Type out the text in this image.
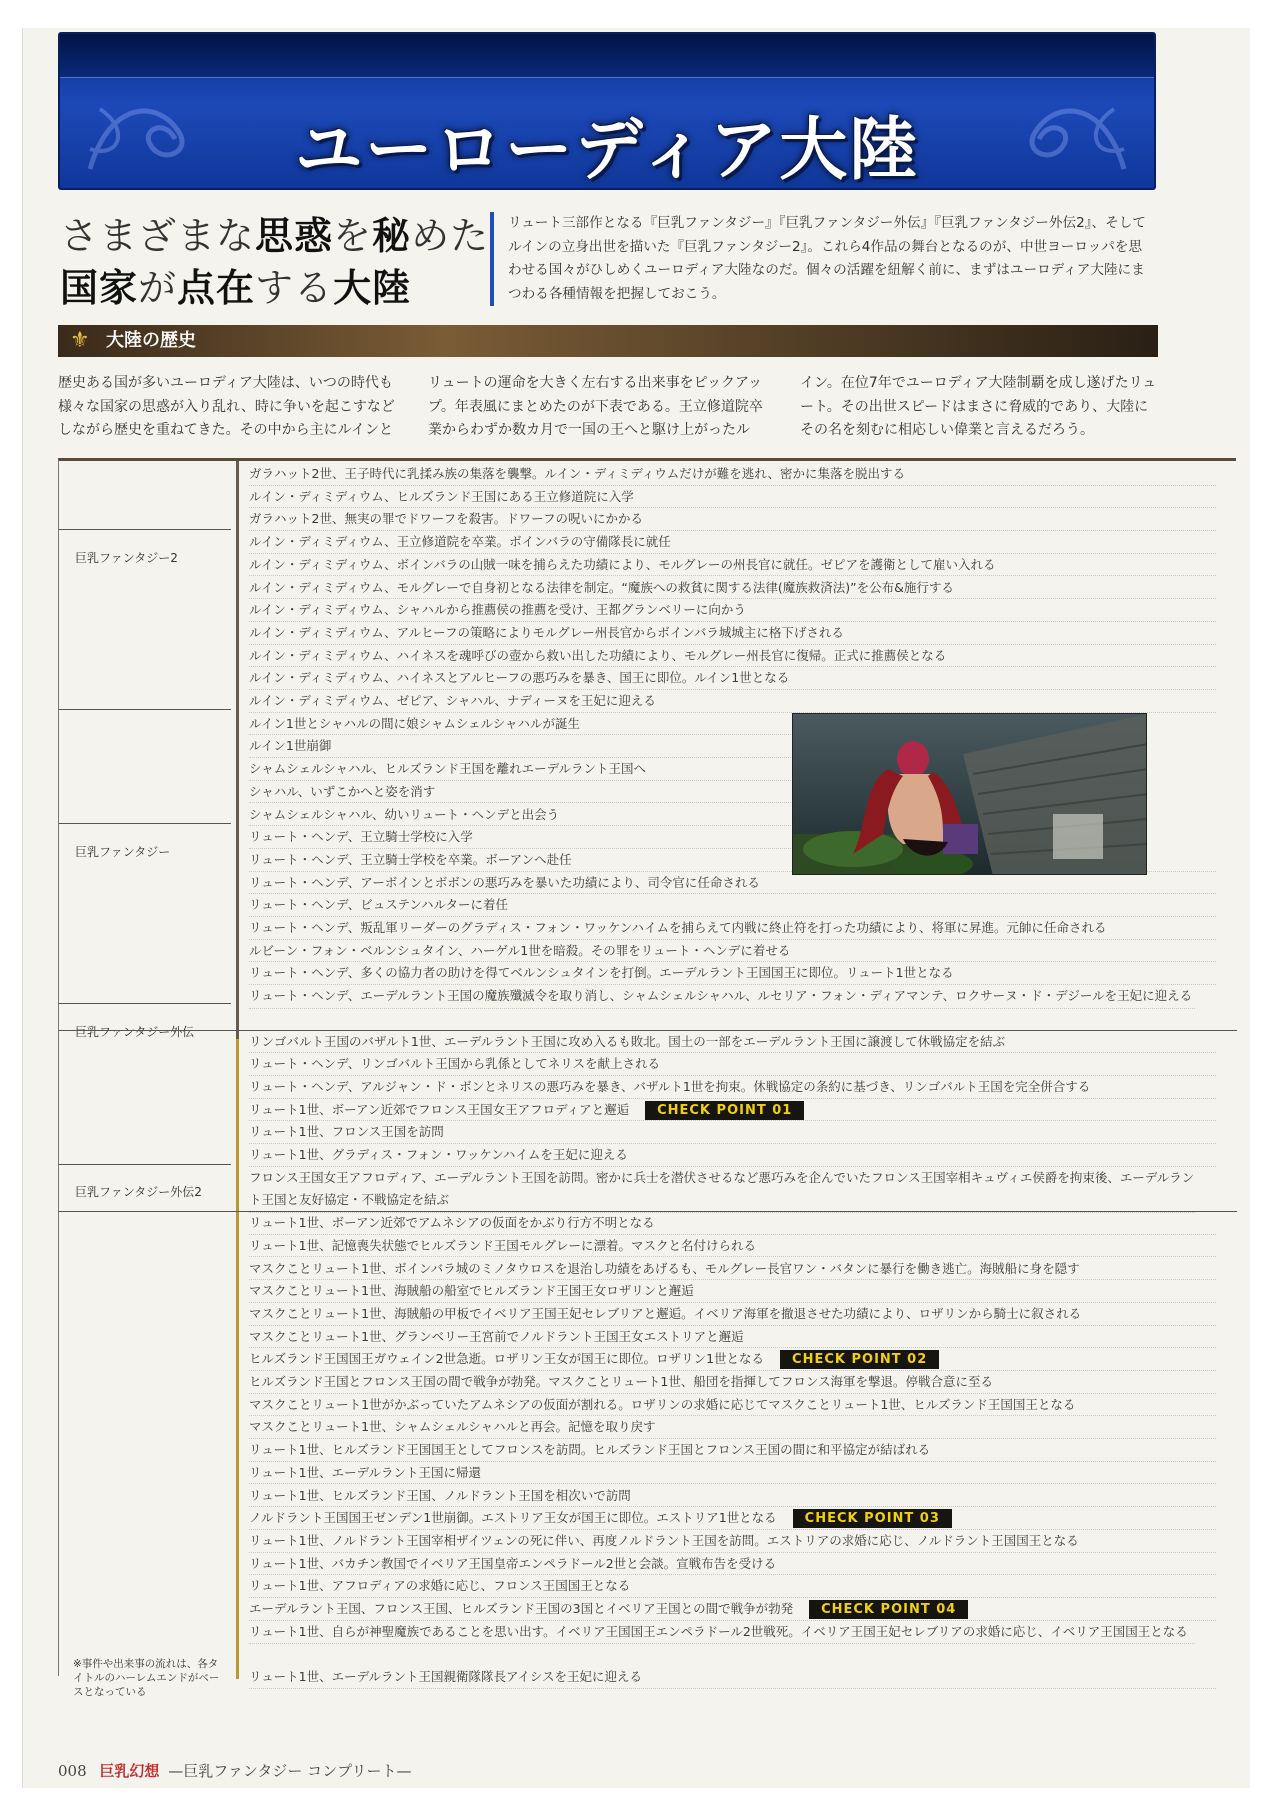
ユーローディア大陸
さまざまな思惑を秘めた
国家が点在する大陸
リュート三部作となる『巨乳ファンタジー』『巨乳ファンタジー外伝』『巨乳ファンタジー外伝2』、そしてルインの立身出世を描いた『巨乳ファンタジー2』。これら4作品の舞台となるのが、中世ヨーロッパを思わせる国々がひしめくユーロディア大陸なのだ。個々の活躍を紐解く前に、まずはユーロディア大陸にまつわる各種情報を把握しておこう。
⚜ 大陸の歴史
歴史ある国が多いユーロディア大陸は、いつの時代も様々な国家の思惑が入り乱れ、時に争いを起こすなどしながら歴史を重ねてきた。その中から主にルインと
リュートの運命を大きく左右する出来事をピックアップ。年表風にまとめたのが下表である。王立修道院卒業からわずか数カ月で一国の王へと駆け上がったル
イン。在位7年でユーロディア大陸制覇を成し遂げたリュート。その出世スピードはまさに脅威的であり、大陸にその名を刻むに相応しい偉業と言えるだろう。
巨乳ファンタジー2
巨乳ファンタジー
巨乳ファンタジー外伝
巨乳ファンタジー外伝2
※事件や出来事の流れは、各タイトルのハーレムエンドがベースとなっている
ガラハット2世、王子時代に乳揉み族の集落を襲撃。ルイン・ディミディウムだけが難を逃れ、密かに集落を脱出する
ルイン・ディミディウム、ヒルズランド王国にある王立修道院に入学
ガラハット2世、無実の罪でドワーフを殺害。ドワーフの呪いにかかる
ルイン・ディミディウム、王立修道院を卒業。ボインバラの守備隊長に就任
ルイン・ディミディウム、ボインバラの山賊一味を捕らえた功績により、モルグレーの州長官に就任。ゼピアを護衛として雇い入れる
ルイン・ディミディウム、モルグレーで自身初となる法律を制定。“魔族への救貧に関する法律(魔族救済法)”を公布&施行する
ルイン・ディミディウム、シャハルから推薦侯の推薦を受け、王都グランベリーに向かう
ルイン・ディミディウム、アルヒーフの策略によりモルグレー州長官からボインバラ城城主に格下げされる
ルイン・ディミディウム、ハイネスを魂呼びの壺から救い出した功績により、モルグレー州長官に復帰。正式に推薦侯となる
ルイン・ディミディウム、ハイネスとアルヒーフの悪巧みを暴き、国王に即位。ルイン1世となる
ルイン・ディミディウム、ゼピア、シャハル、ナディーヌを王妃に迎える
ルイン1世とシャハルの間に娘シャムシェルシャハルが誕生
ルイン1世崩御
シャムシェルシャハル、ヒルズランド王国を離れエーデルラント王国へ
シャハル、いずこかへと姿を消す
シャムシェルシャハル、幼いリュート・ヘンデと出会う
リュート・ヘンデ、王立騎士学校に入学
リュート・ヘンデ、王立騎士学校を卒業。ボーアンへ赴任
リュート・ヘンデ、アーボインとボボンの悪巧みを暴いた功績により、司令官に任命される
リュート・ヘンデ、ビュステンハルターに着任
リュート・ヘンデ、叛乱軍リーダーのグラディス・フォン・ワッケンハイムを捕らえて内戦に終止符を打った功績により、将軍に昇進。元帥に任命される
ルビーン・フォン・ベルンシュタイン、ハーゲル1世を暗殺。その罪をリュート・ヘンデに着せる
リュート・ヘンデ、多くの協力者の助けを得てベルンシュタインを打倒。エーデルラント王国国王に即位。リュート1世となる
リュート・ヘンデ、エーデルラント王国の魔族殲滅令を取り消し、シャムシェルシャハル、ルセリア・フォン・ディアマンテ、ロクサーヌ・ド・デジールを王妃に迎える
リンゴバルト王国のバザルト1世、エーデルラント王国に攻め入るも敗北。国土の一部をエーデルラント王国に譲渡して休戦協定を結ぶ
リュート・ヘンデ、リンゴバルト王国から乳係としてネリスを献上される
リュート・ヘンデ、アルジャン・ド・ボンとネリスの悪巧みを暴き、バザルト1世を拘束。休戦協定の条約に基づき、リンゴバルト王国を完全併合する
リュート1世、ボーアン近郊でフロンス王国女王アフロディアと邂逅 CHECK POINT 01
リュート1世、フロンス王国を訪問
リュート1世、グラディス・フォン・ワッケンハイムを王妃に迎える
フロンス王国女王アフロディア、エーデルラント王国を訪問。密かに兵士を潜伏させるなど悪巧みを企んでいたフロンス王国宰相キュヴィエ侯爵を拘束後、エーデルラント王国と友好協定・不戦協定を結ぶ
リュート1世、ボーアン近郊でアムネシアの仮面をかぶり行方不明となる
リュート1世、記憶喪失状態でヒルズランド王国モルグレーに漂着。マスクと名付けられる
マスクことリュート1世、ボインバラ城のミノタウロスを退治し功績をあげるも、モルグレー長官ワン・バタンに暴行を働き逃亡。海賊船に身を隠す
マスクことリュート1世、海賊船の船室でヒルズランド王国王女ロザリンと邂逅
マスクことリュート1世、海賊船の甲板でイベリア王国王妃セレブリアと邂逅。イベリア海軍を撤退させた功績により、ロザリンから騎士に叙される
マスクことリュート1世、グランベリー王宮前でノルドラント王国王女エストリアと邂逅
ヒルズランド王国国王ガウェイン2世急逝。ロザリン王女が国王に即位。ロザリン1世となる CHECK POINT 02
ヒルズランド王国とフロンス王国の間で戦争が勃発。マスクことリュート1世、船団を指揮してフロンス海軍を撃退。停戦合意に至る
マスクことリュート1世がかぶっていたアムネシアの仮面が割れる。ロザリンの求婚に応じてマスクことリュート1世、ヒルズランド王国国王となる
マスクことリュート1世、シャムシェルシャハルと再会。記憶を取り戻す
リュート1世、ヒルズランド王国国王としてフロンスを訪問。ヒルズランド王国とフロンス王国の間に和平協定が結ばれる
リュート1世、エーデルラント王国に帰還
リュート1世、ヒルズランド王国、ノルドラント王国を相次いで訪問
ノルドラント王国国王ゼンデン1世崩御。エストリア王女が国王に即位。エストリア1世となる CHECK POINT 03
リュート1世、ノルドラント王国宰相ザイツェンの死に伴い、再度ノルドラント王国を訪問。エストリアの求婚に応じ、ノルドラント王国国王となる
リュート1世、バカチン教国でイベリア王国皇帝エンペラドール2世と会談。宣戦布告を受ける
リュート1世、アフロディアの求婚に応じ、フロンス王国国王となる
エーデルラント王国、フロンス王国、ヒルズランド王国の3国とイベリア王国との間で戦争が勃発 CHECK POINT 04
リュート1世、自らが神聖魔族であることを思い出す。イベリア王国国王エンペラドール2世戦死。イベリア王国王妃セレブリアの求婚に応じ、イベリア王国国王となる
リュート1世、エーデルラント王国親衛隊隊長アイシスを王妃に迎える
008 巨乳幻想 —巨乳ファンタジー コンプリート—
